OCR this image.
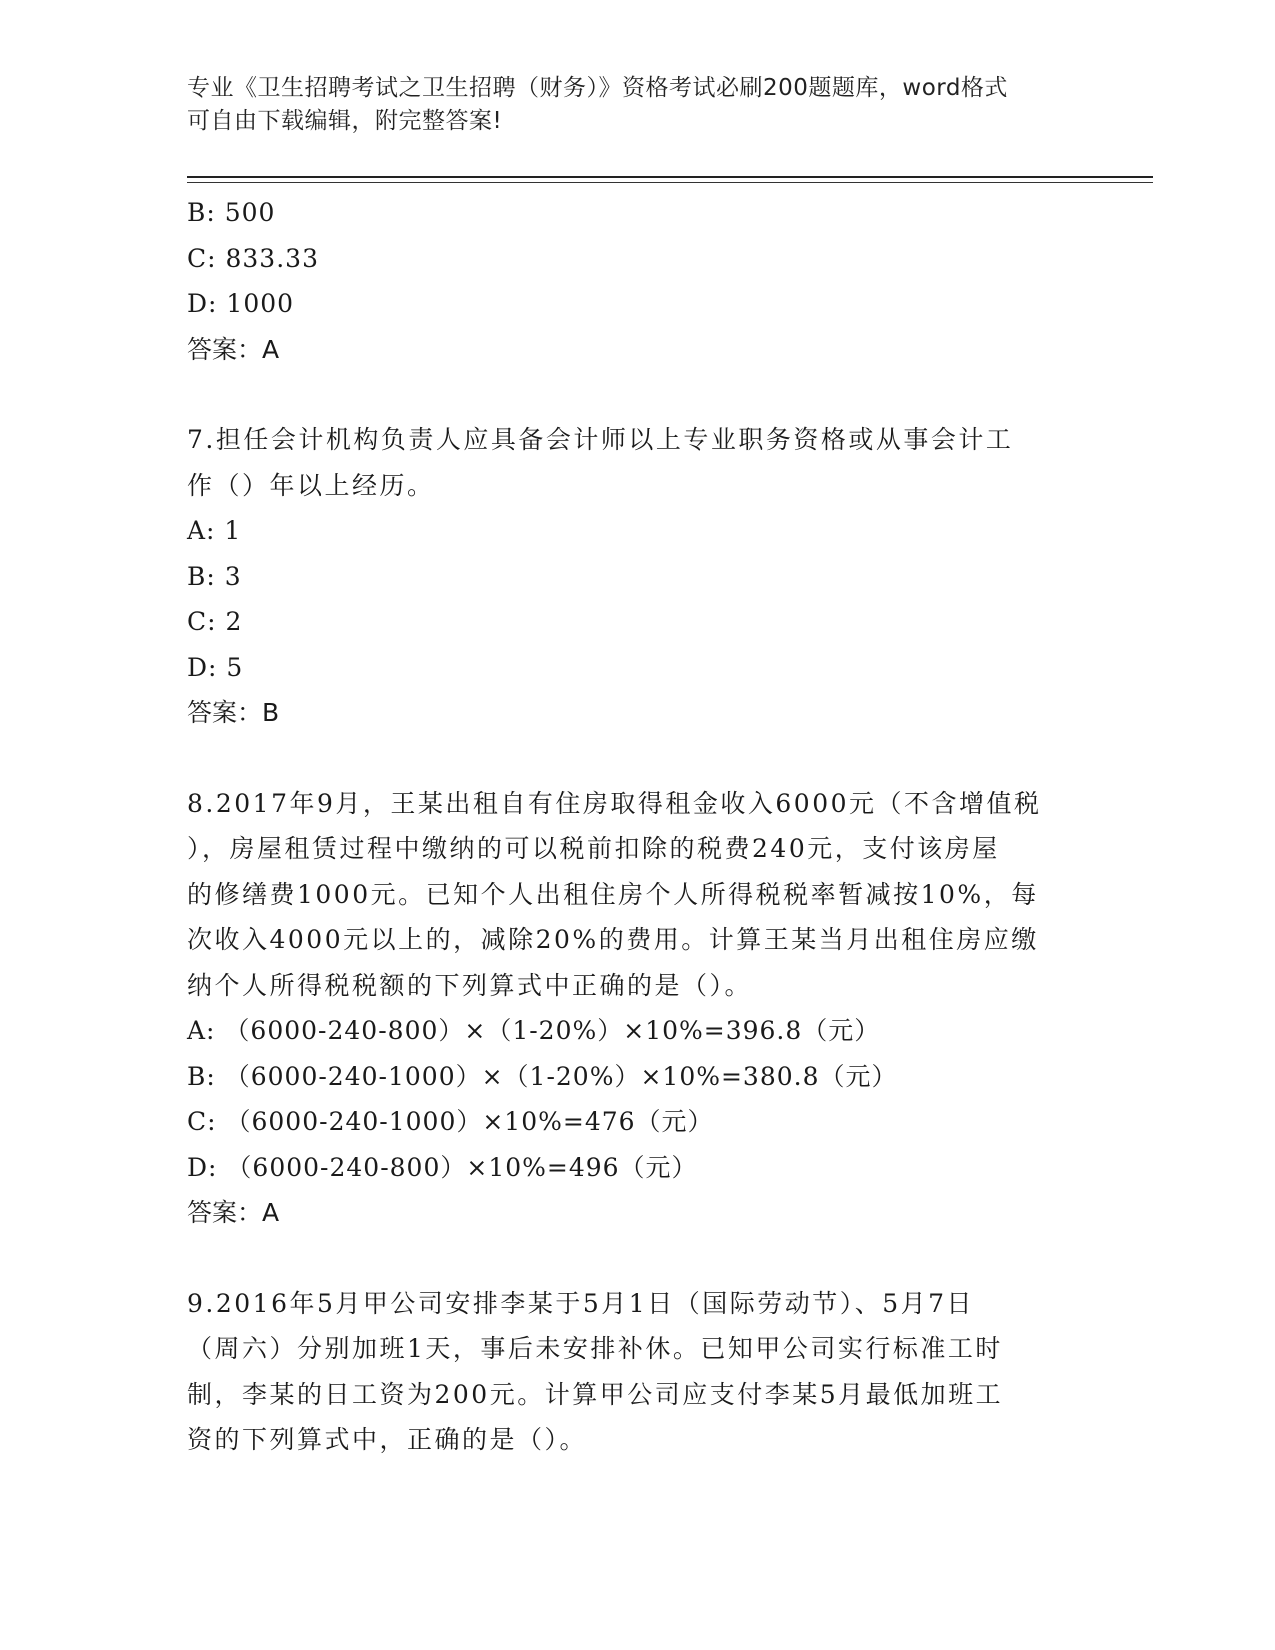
专业《卫生招聘考试之卫生招聘（财务）》资格考试必刷200题题库，word格式
可自由下载编辑，附完整答案!
B: 500
C: 833.33
D: 1000
答案：A
7.担任会计机构负责人应具备会计师以上专业职务资格或从事会计工
作（）年以上经历。
A: 1
B: 3
C: 2
D: 5
答案：B
8.2017年9月，王某出租自有住房取得租金收入6000元（不含增值税
），房屋租赁过程中缴纳的可以税前扣除的税费240元，支付该房屋
的修缮费1000元。已知个人出租住房个人所得税税率暂减按10%，每
次收入4000元以上的，减除20%的费用。计算王某当月出租住房应缴
纳个人所得税税额的下列算式中正确的是（）。
A: （6000-240-800）×（1-20%）×10%=396.8（元）
B: （6000-240-1000）×（1-20%）×10%=380.8（元）
C: （6000-240-1000）×10%=476（元）
D: （6000-240-800）×10%=496（元）
答案：A
9.2016年5月甲公司安排李某于5月1日（国际劳动节）、5月7日
（周六）分别加班1天，事后未安排补休。已知甲公司实行标准工时
制，李某的日工资为200元。计算甲公司应支付李某5月最低加班工
资的下列算式中，正确的是（）。
